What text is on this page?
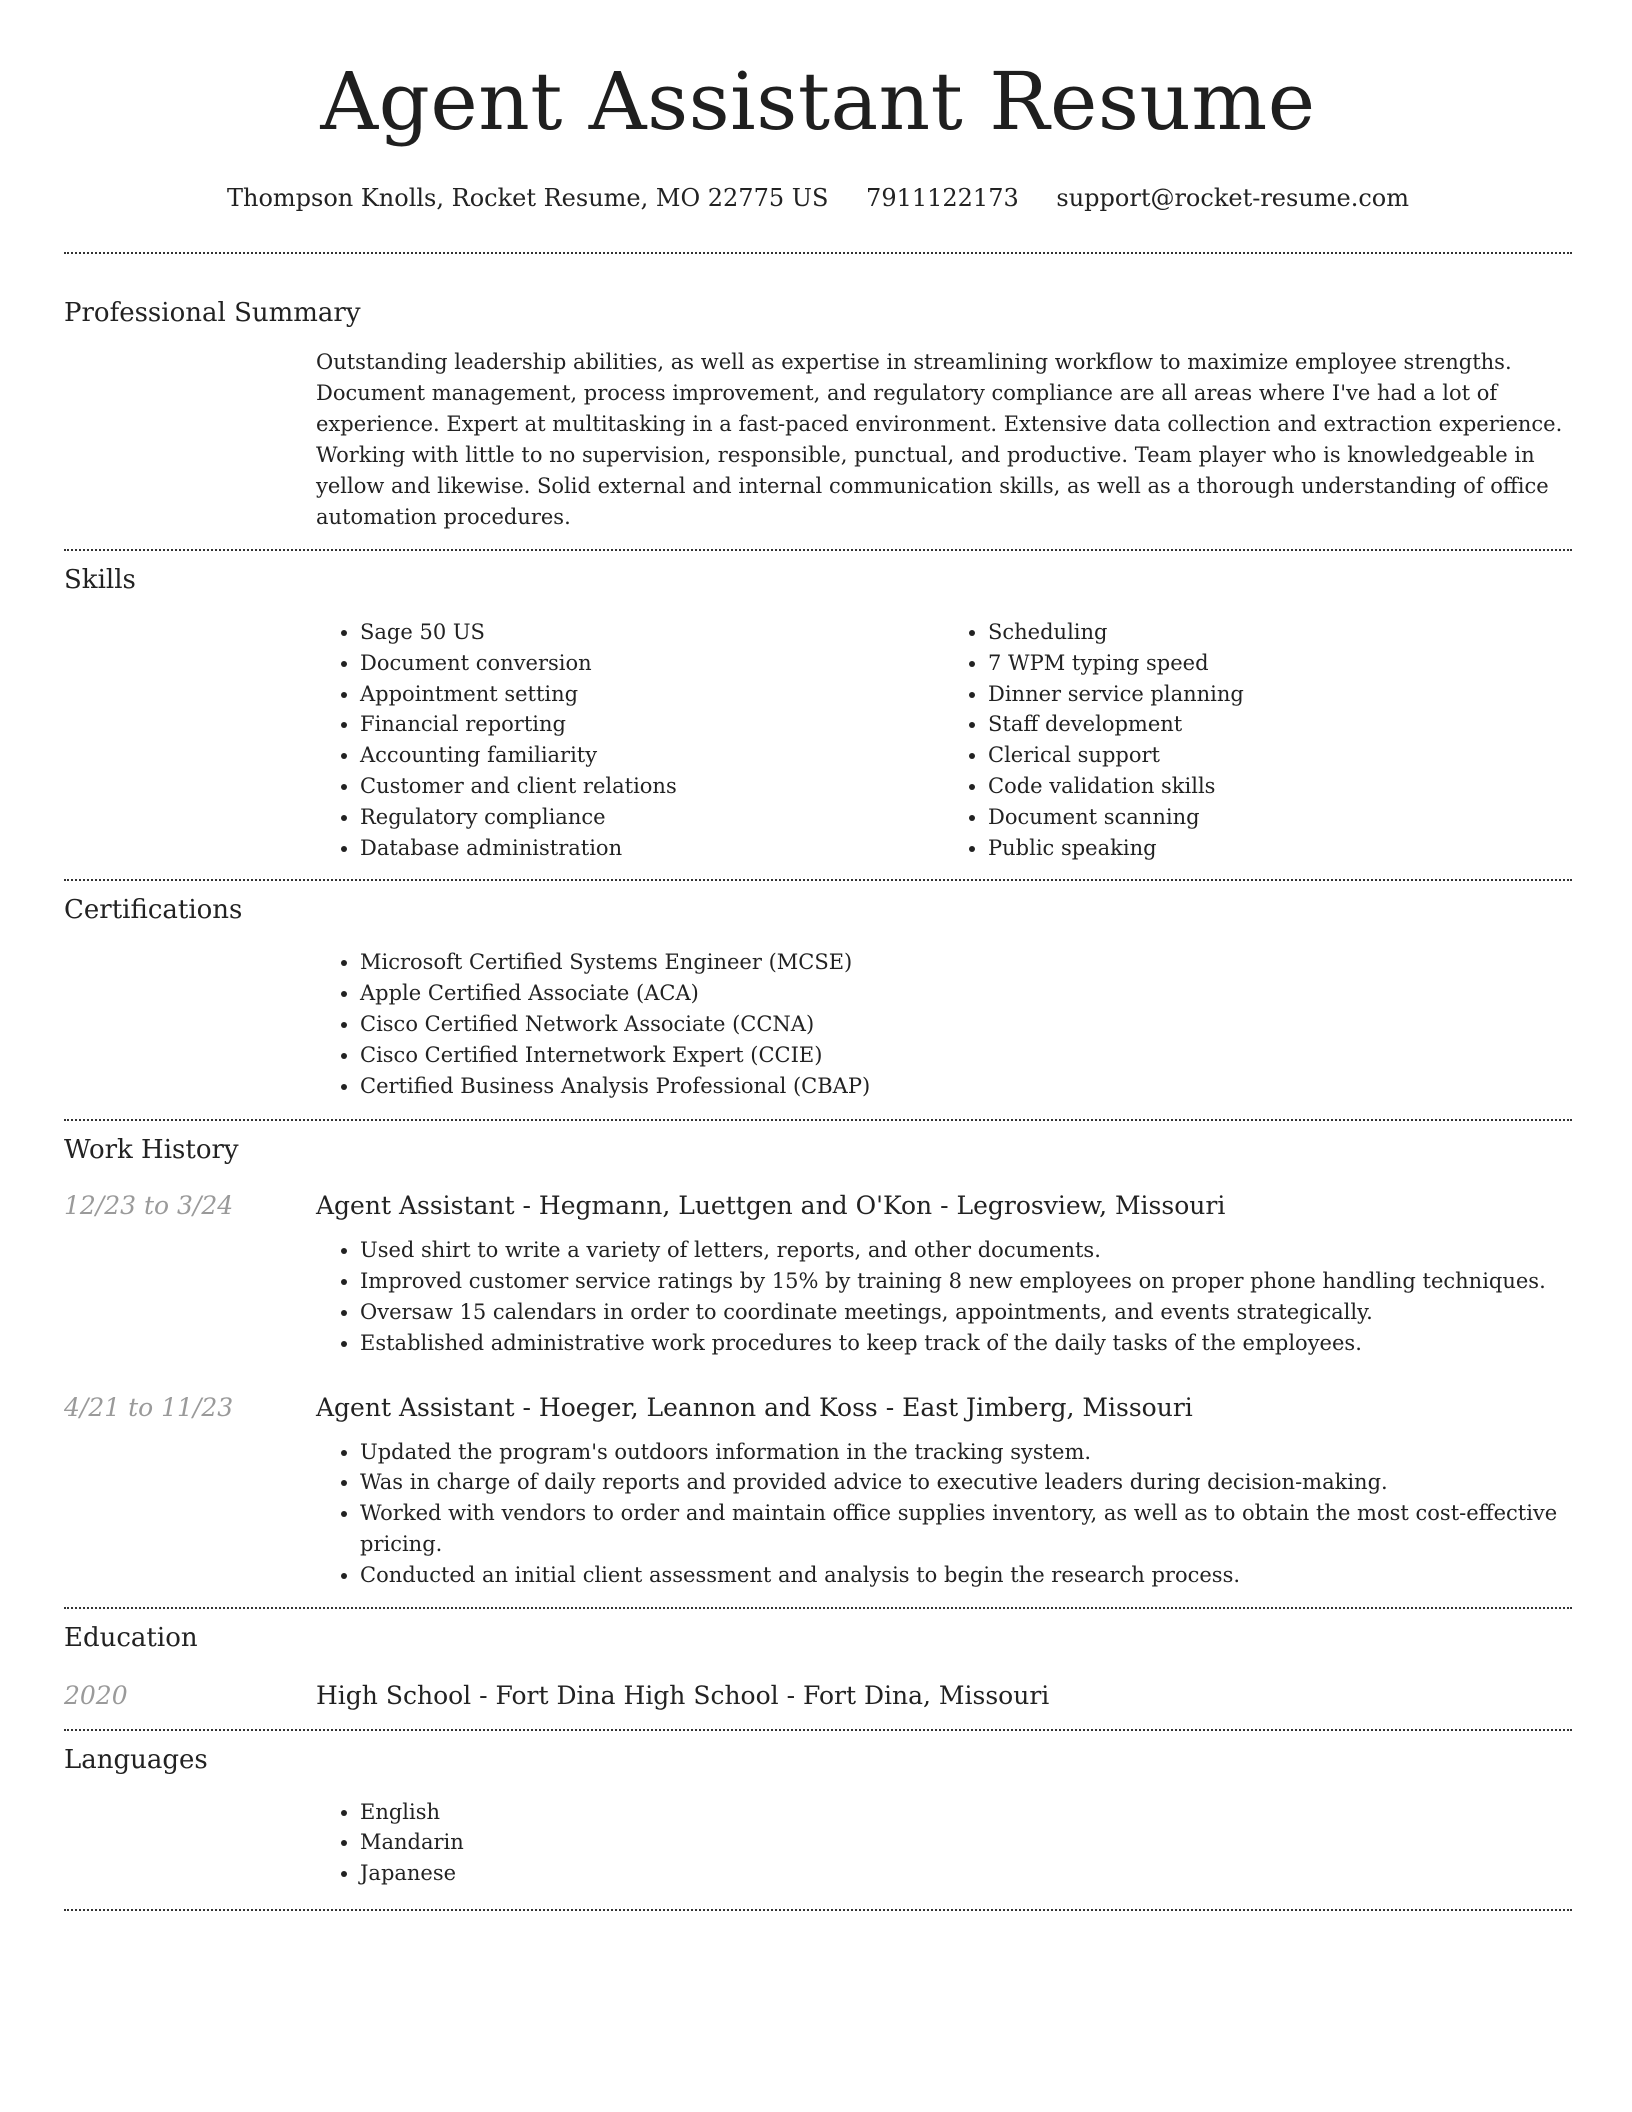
Agent Assistant Resume
Thompson Knolls, Rocket Resume, MO 22775 US 7911122173 support@rocket-resume.com
Professional Summary

Outstanding leadership abilities, as well as expertise in streamlining workflow to maximize employee strengths. Document management, process improvement, and regulatory compliance are all areas where I've had a lot of experience. Expert at multitasking in a fast-paced environment. Extensive data collection and extraction experience. Working with little to no supervision, responsible, punctual, and productive. Team player who is knowledgeable in yellow and likewise. Solid external and internal communication skills, as well as a thorough understanding of office automation procedures.

Skills
• Sage 50 US
• Document conversion
• Appointment setting
• Financial reporting
• Accounting familiarity
• Customer and client relations
• Regulatory compliance
• Database administration
• Scheduling
• 7 WPM typing speed
• Dinner service planning
• Staff development
• Clerical support
• Code validation skills
• Document scanning
• Public speaking
Certifications
• Microsoft Certified Systems Engineer (MCSE)
• Apple Certified Associate (ACA)
• Cisco Certified Network Associate (CCNA)
• Cisco Certified Internetwork Expert (CCIE)
• Certified Business Analysis Professional (CBAP)
Work History
12/23 to 3/24	Agent Assistant - Hegmann, Luettgen and O'Kon - Legrosview, Missouri
• Used shirt to write a variety of letters, reports, and other documents.
• Improved customer service ratings by 15% by training 8 new employees on proper phone handling techniques.
• Oversaw 15 calendars in order to coordinate meetings, appointments, and events strategically.
• Established administrative work procedures to keep track of the daily tasks of the employees.
4/21 to 11/23	Agent Assistant - Hoeger, Leannon and Koss - East Jimberg, Missouri
• Updated the program's outdoors information in the tracking system.
• Was in charge of daily reports and provided advice to executive leaders during decision-making.
• Worked with vendors to order and maintain office supplies inventory, as well as to obtain the most cost-effective pricing.
• Conducted an initial client assessment and analysis to begin the research process.
Education
2020	High School - Fort Dina High School - Fort Dina, Missouri
Languages
• English
• Mandarin
• Japanese
